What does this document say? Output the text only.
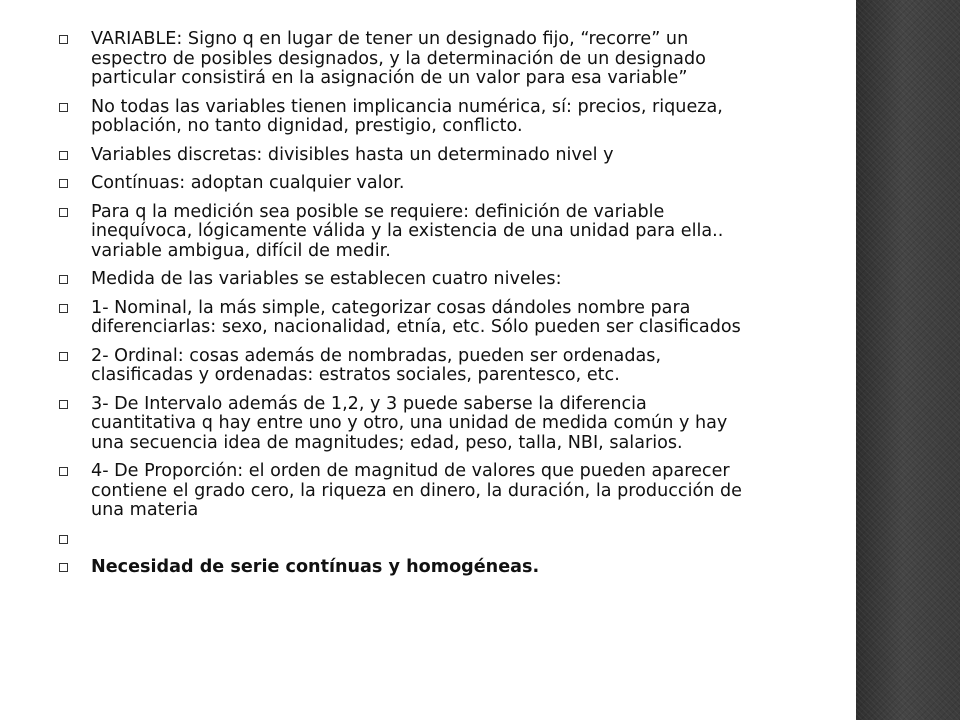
VARIABLE: Signo q en lugar de tener un designado fijo, “recorre” un
espectro de posibles designados, y la determinación de un designado
particular consistirá en la asignación de un valor para esa variable”
No todas las variables tienen implicancia numérica, sí: precios, riqueza,
población, no tanto dignidad, prestigio, conflicto.
Variables discretas: divisibles hasta un determinado nivel y
Contínuas: adoptan cualquier valor.
Para q la medición sea posible se requiere: definición de variable
inequívoca, lógicamente válida y la existencia de una unidad para ella..
variable ambigua, difícil de medir.
Medida de las variables se establecen cuatro niveles:
1- Nominal, la más simple, categorizar cosas dándoles nombre para
diferenciarlas: sexo, nacionalidad, etnía, etc. Sólo pueden ser clasificados
2- Ordinal: cosas además de nombradas, pueden ser ordenadas,
clasificadas y ordenadas: estratos sociales, parentesco, etc.
3- De Intervalo además de 1,2, y 3 puede saberse la diferencia
cuantitativa q hay entre uno y otro, una unidad de medida común y hay
una secuencia idea de magnitudes; edad, peso, talla, NBI, salarios.
4- De Proporción: el orden de magnitud de valores que pueden aparecer
contiene el grado cero, la riqueza en dinero, la duración, la producción de
una materia
Necesidad de serie contínuas y homogéneas.
